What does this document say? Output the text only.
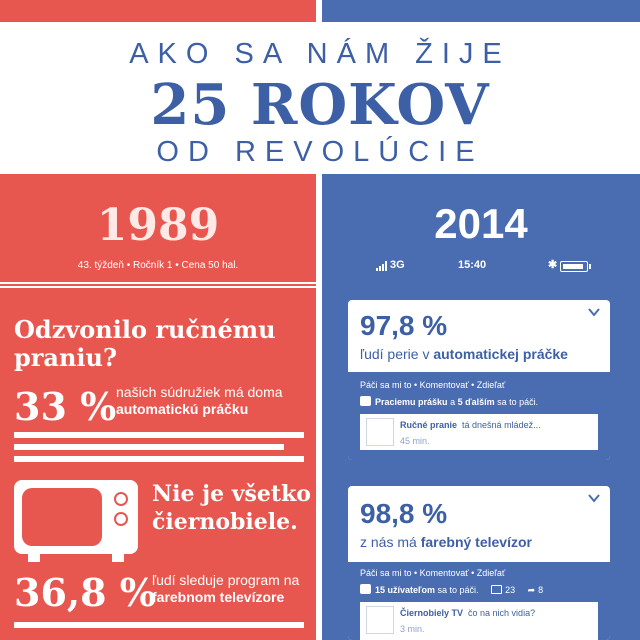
AKO SA NÁM ŽIJE
25 ROKOV
OD REVOLÚCIE
1989
43. týždeň • Ročník 1 • Cena 50 hal.
Odzvonilo ručnému praniu?
33 % našich súdružiek má doma
automatickú práčku
Nie je všetko čiernobiele.
36,8 %
ľudí sleduje program na
farebnom televízore
2014
3G	15:40	✱
97,8 %
ľudí perie v automatickej práčke
Páči sa mi to • Komentovať • Zdieľať
Praciemu prášku a 5 ďalším sa to páči.
Ručné pranie tá dnešná mládež...
45 min.
98,8 %
z nás má farebný televízor
Páči sa mi to • Komentovať • Zdieľať
15 užívateľom sa to páči.	23 ➦ 8
Čiernobiely TV čo na nich vidia?
3 min.
